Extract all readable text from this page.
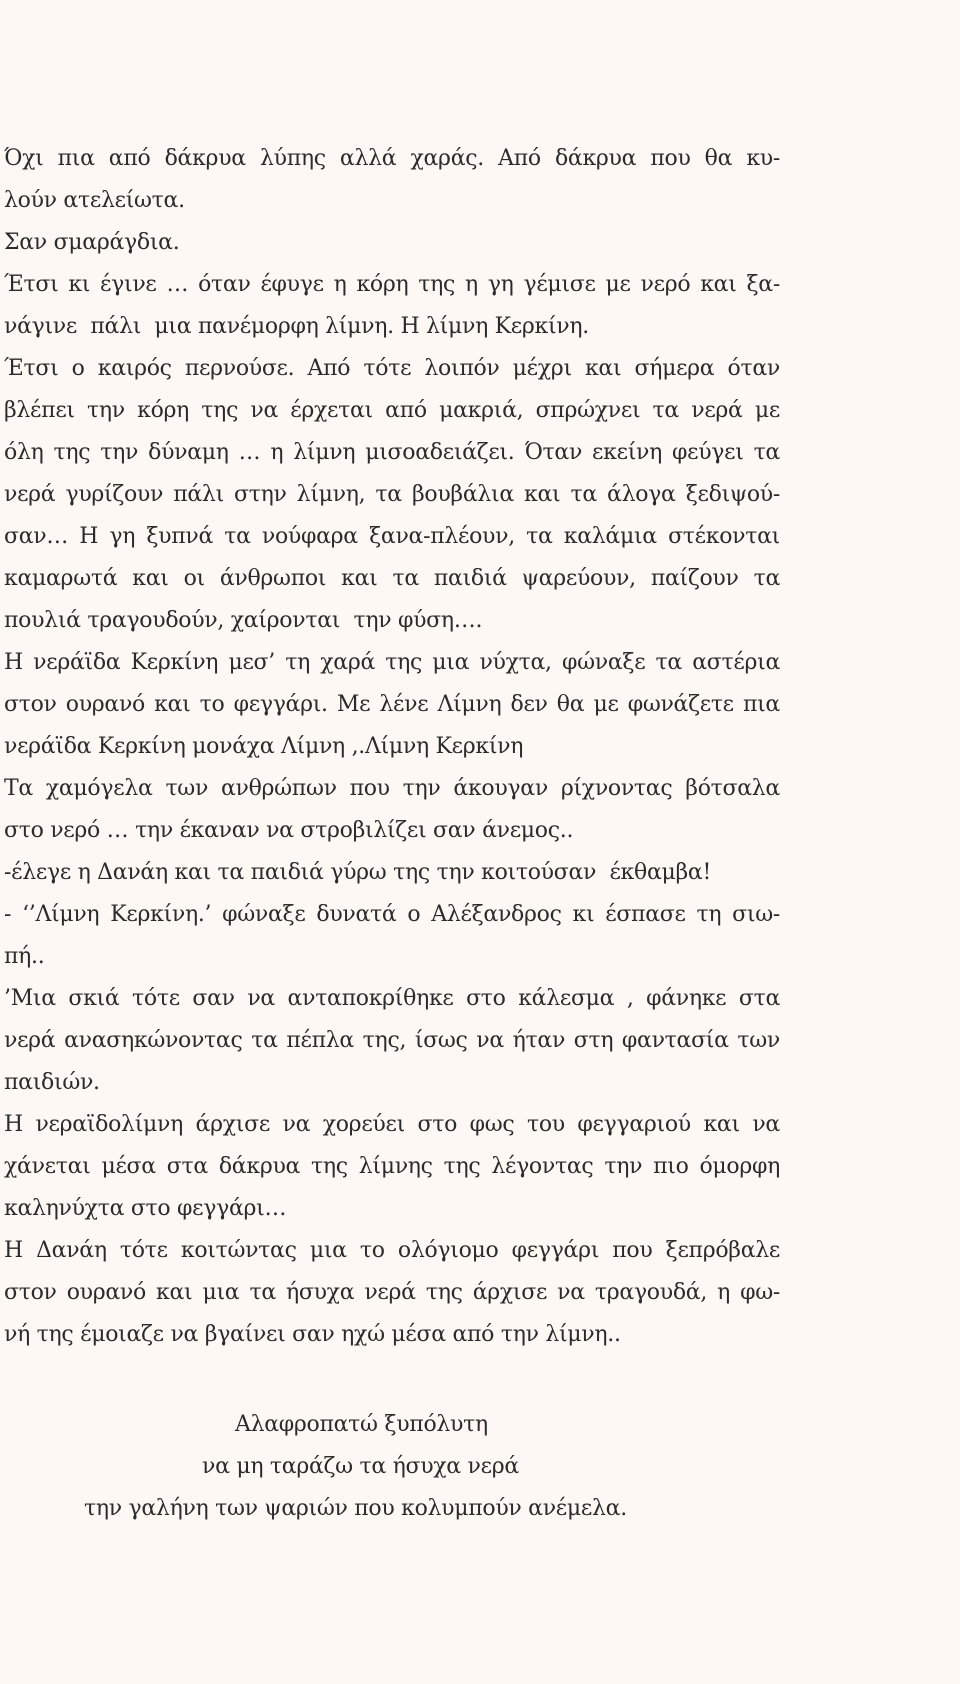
Όχι πια από δάκρυα λύπης αλλά χαράς. Από δάκρυα που θα κυ-
λούν ατελείωτα.
Σαν σμαράγδια.
Έτσι κι έγινε … όταν έφυγε η κόρη της η γη γέμισε με νερό και ξα-
νάγινε  πάλι  μια πανέμορφη λίμνη. Η λίμνη Κερκίνη.
Έτσι ο καιρός περνούσε. Από τότε λοιπόν μέχρι και σήμερα όταν
βλέπει την κόρη της να έρχεται από μακριά, σπρώχνει τα νερά με
όλη της την δύναμη … η λίμνη μισοαδειάζει. Όταν εκείνη φεύγει τα
νερά γυρίζουν πάλι στην λίμνη, τα βουβάλια και τα άλογα ξεδιψού-
σαν… Η γη ξυπνά τα νούφαρα ξανα-πλέουν, τα καλάμια στέκονται
καμαρωτά και οι άνθρωποι και τα παιδιά ψαρεύουν, παίζουν τα
πουλιά τραγουδούν, χαίρονται  την φύση….
Η νεράϊδα Κερκίνη μεσ’ τη χαρά της μια νύχτα, φώναξε τα αστέρια
στον ουρανό και το φεγγάρι. Με λένε Λίμνη δεν θα με φωνάζετε πια
νεράϊδα Κερκίνη μονάχα Λίμνη ,.Λίμνη Κερκίνη
Τα χαμόγελα των ανθρώπων που την άκουγαν ρίχνοντας βότσαλα
στο νερό … την έκαναν να στροβιλίζει σαν άνεμος..
-έλεγε η Δανάη και τα παιδιά γύρω της την κοιτούσαν  έκθαμβα!
- ‘’Λίμνη Κερκίνη.’ φώναξε δυνατά ο Αλέξανδρος κι έσπασε τη σιω-
πή..
’Μια σκιά τότε σαν να ανταποκρίθηκε στο κάλεσμα , φάνηκε στα
νερά ανασηκώνοντας τα πέπλα της, ίσως να ήταν στη φαντασία των
παιδιών.
Η νεραϊδολίμνη άρχισε να χορεύει στο φως του φεγγαριού και να
χάνεται μέσα στα δάκρυα της λίμνης της λέγοντας την πιο όμορφη
καληνύχτα στο φεγγάρι…
Η Δανάη τότε κοιτώντας μια το ολόγιομο φεγγάρι που ξεπρόβαλε
στον ουρανό και μια τα ήσυχα νερά της άρχισε να τραγουδά, η φω-
νή της έμοιαζε να βγαίνει σαν ηχώ μέσα από την λίμνη..
Αλαφροπατώ ξυπόλυτη
να μη ταράζω τα ήσυχα νερά
την γαλήνη των ψαριών που κολυμπούν ανέμελα.
